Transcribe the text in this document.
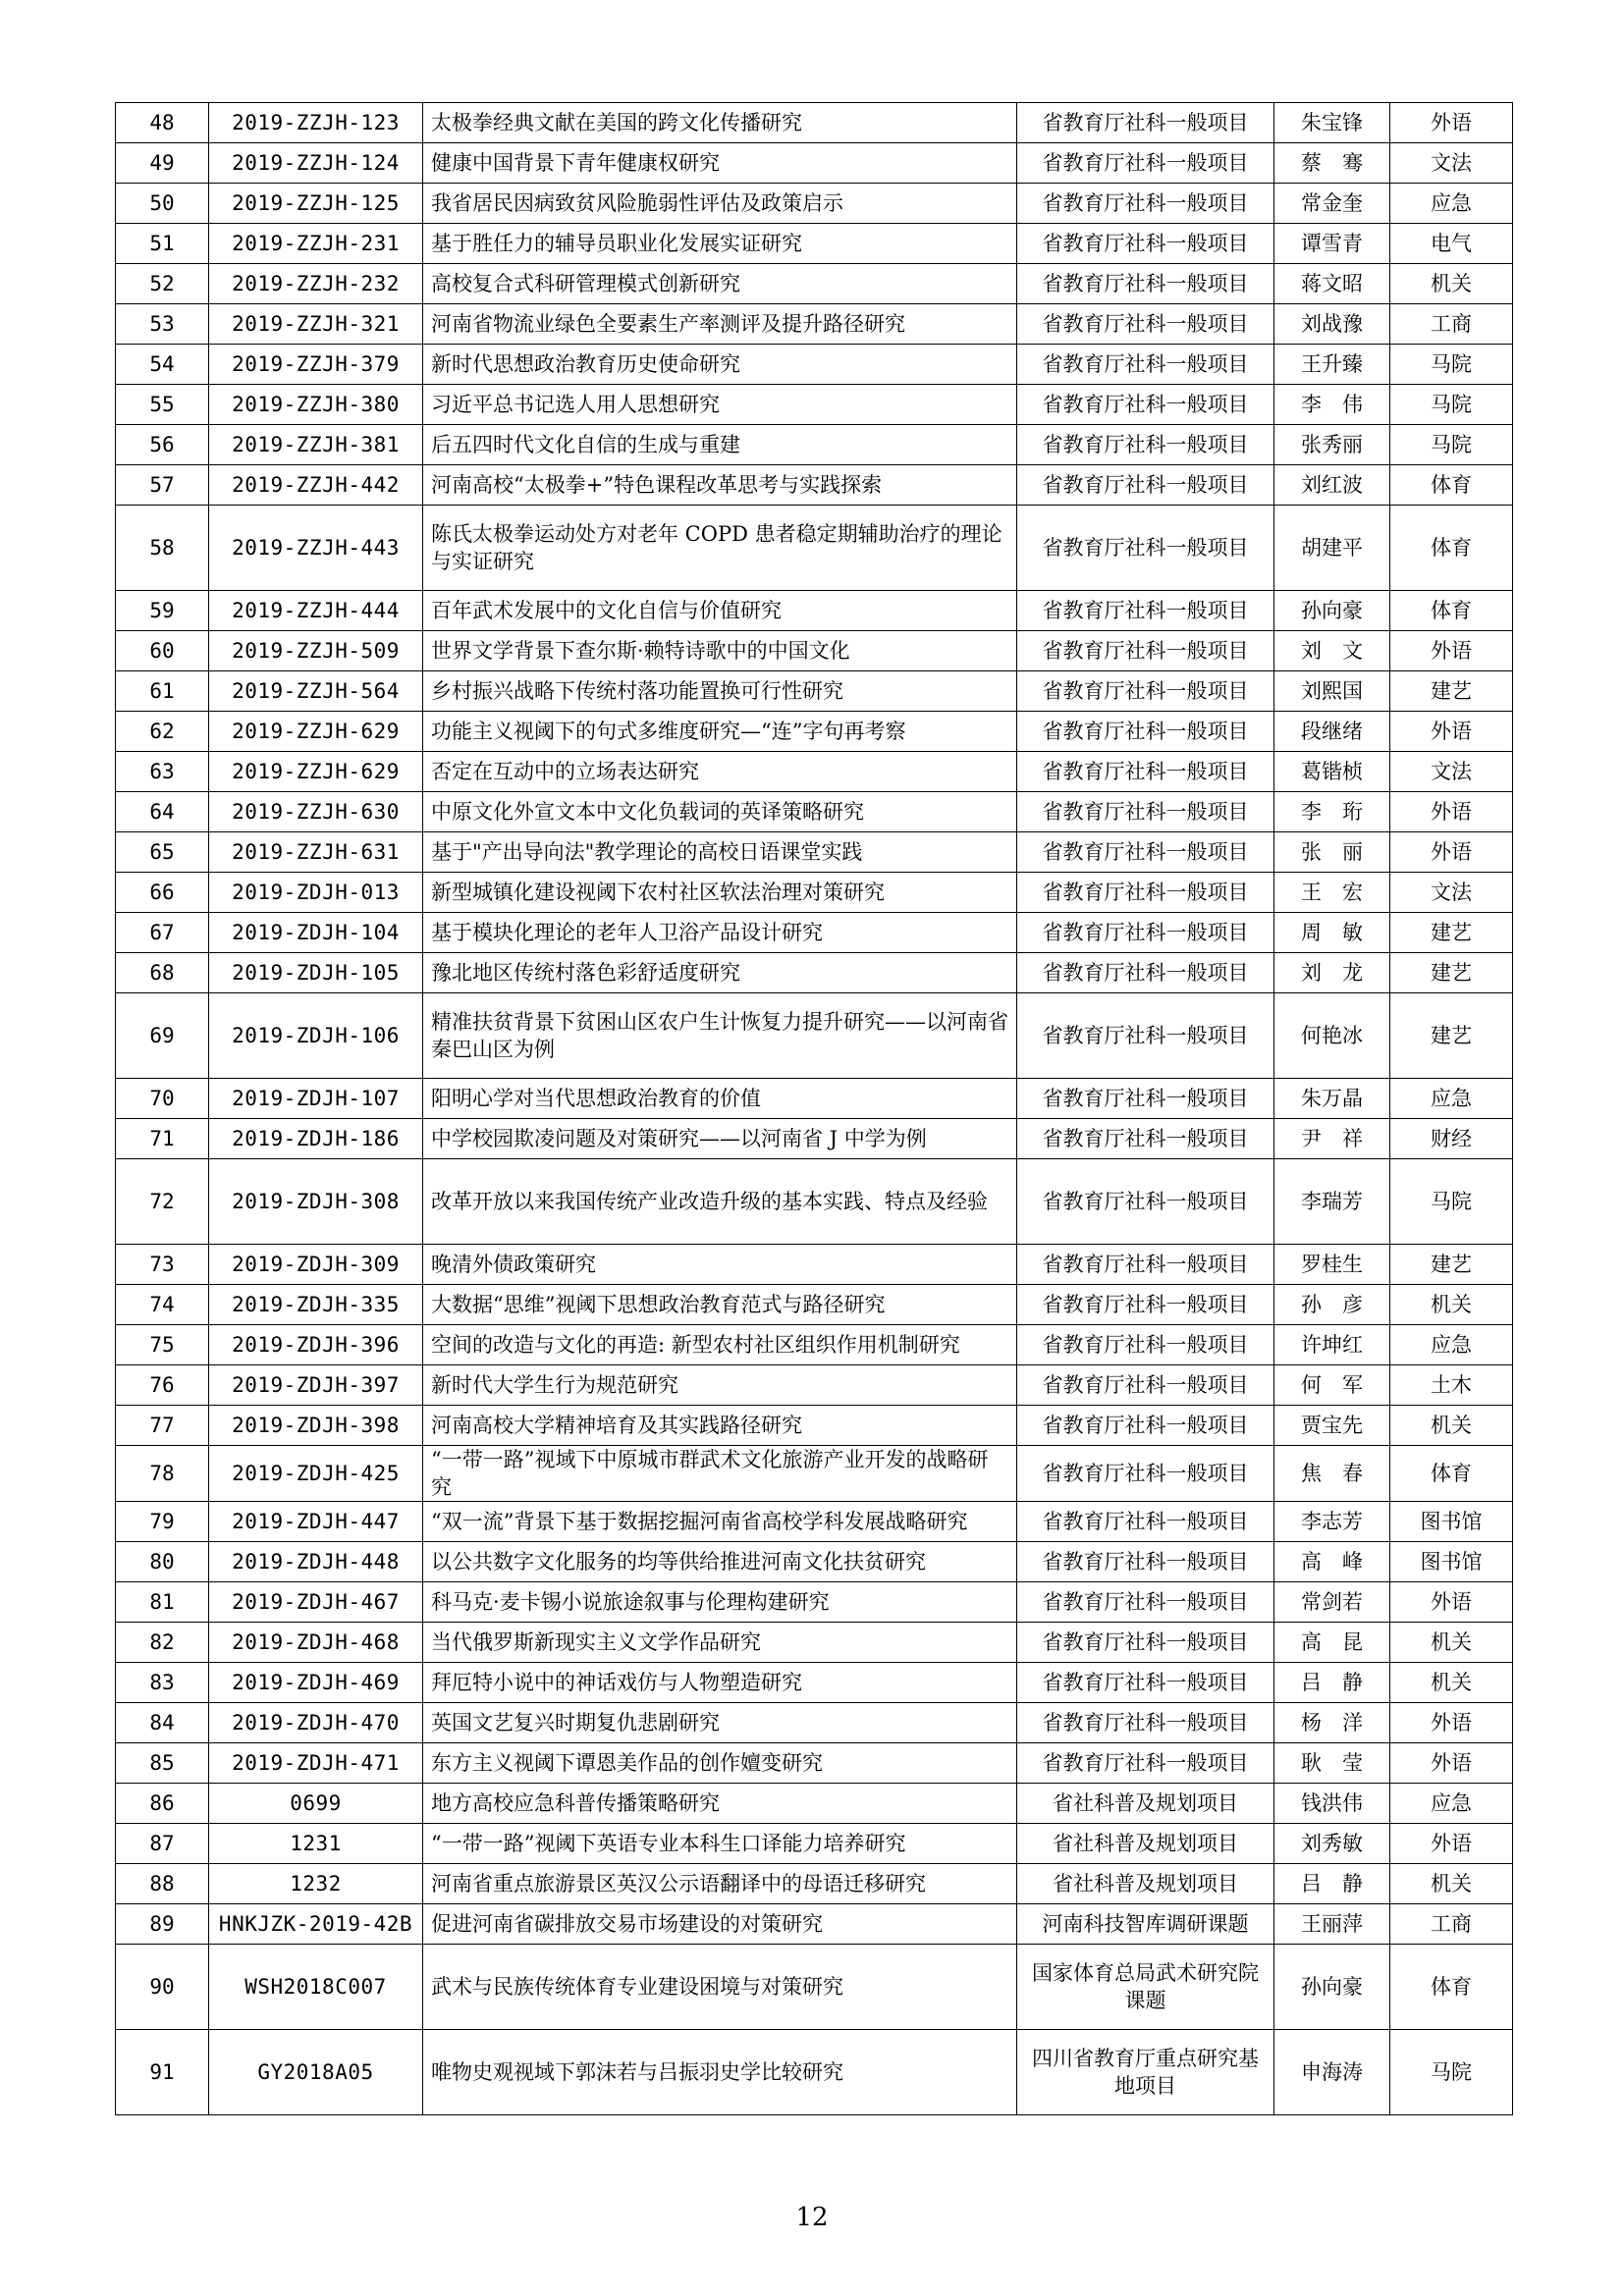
48	2019-ZZJH-123	太极拳经典文献在美国的跨文化传播研究	省教育厅社科一般项目	朱宝锋	外语
49	2019-ZZJH-124	健康中国背景下青年健康权研究	省教育厅社科一般项目	蔡　骞	文法
50	2019-ZZJH-125	我省居民因病致贫风险脆弱性评估及政策启示	省教育厅社科一般项目	常金奎	应急
51	2019-ZZJH-231	基于胜任力的辅导员职业化发展实证研究	省教育厅社科一般项目	谭雪青	电气
52	2019-ZZJH-232	高校复合式科研管理模式创新研究	省教育厅社科一般项目	蒋文昭	机关
53	2019-ZZJH-321	河南省物流业绿色全要素生产率测评及提升路径研究	省教育厅社科一般项目	刘战豫	工商
54	2019-ZZJH-379	新时代思想政治教育历史使命研究	省教育厅社科一般项目	王升臻	马院
55	2019-ZZJH-380	习近平总书记选人用人思想研究	省教育厅社科一般项目	李　伟	马院
56	2019-ZZJH-381	后五四时代文化自信的生成与重建	省教育厅社科一般项目	张秀丽	马院
57	2019-ZZJH-442	河南高校“太极拳+”特色课程改革思考与实践探索	省教育厅社科一般项目	刘红波	体育
58	2019-ZZJH-443	陈氏太极拳运动处方对老年 COPD 患者稳定期辅助治疗的理论与实证研究	省教育厅社科一般项目	胡建平	体育
59	2019-ZZJH-444	百年武术发展中的文化自信与价值研究	省教育厅社科一般项目	孙向豪	体育
60	2019-ZZJH-509	世界文学背景下查尔斯·赖特诗歌中的中国文化	省教育厅社科一般项目	刘　文	外语
61	2019-ZZJH-564	乡村振兴战略下传统村落功能置换可行性研究	省教育厅社科一般项目	刘熙国	建艺
62	2019-ZZJH-629	功能主义视阈下的句式多维度研究—“连”字句再考察	省教育厅社科一般项目	段继绪	外语
63	2019-ZZJH-629	否定在互动中的立场表达研究	省教育厅社科一般项目	葛锴桢	文法
64	2019-ZZJH-630	中原文化外宣文本中文化负载词的英译策略研究	省教育厅社科一般项目	李　珩	外语
65	2019-ZZJH-631	基于"产出导向法"教学理论的高校日语课堂实践	省教育厅社科一般项目	张　丽	外语
66	2019-ZDJH-013	新型城镇化建设视阈下农村社区软法治理对策研究	省教育厅社科一般项目	王　宏	文法
67	2019-ZDJH-104	基于模块化理论的老年人卫浴产品设计研究	省教育厅社科一般项目	周　敏	建艺
68	2019-ZDJH-105	豫北地区传统村落色彩舒适度研究	省教育厅社科一般项目	刘　龙	建艺
69	2019-ZDJH-106	精准扶贫背景下贫困山区农户生计恢复力提升研究——以河南省秦巴山区为例	省教育厅社科一般项目	何艳冰	建艺
70	2019-ZDJH-107	阳明心学对当代思想政治教育的价值	省教育厅社科一般项目	朱万晶	应急
71	2019-ZDJH-186	中学校园欺凌问题及对策研究——以河南省 J 中学为例	省教育厅社科一般项目	尹　祥	财经
72	2019-ZDJH-308	改革开放以来我国传统产业改造升级的基本实践、特点及经验	省教育厅社科一般项目	李瑞芳	马院
73	2019-ZDJH-309	晚清外债政策研究	省教育厅社科一般项目	罗桂生	建艺
74	2019-ZDJH-335	大数据“思维”视阈下思想政治教育范式与路径研究	省教育厅社科一般项目	孙　彦	机关
75	2019-ZDJH-396	空间的改造与文化的再造: 新型农村社区组织作用机制研究	省教育厅社科一般项目	许坤红	应急
76	2019-ZDJH-397	新时代大学生行为规范研究	省教育厅社科一般项目	何　军	土木
77	2019-ZDJH-398	河南高校大学精神培育及其实践路径研究	省教育厅社科一般项目	贾宝先	机关
78	2019-ZDJH-425	“一带一路”视域下中原城市群武术文化旅游产业开发的战略研究	省教育厅社科一般项目	焦　春	体育
79	2019-ZDJH-447	“双一流”背景下基于数据挖掘河南省高校学科发展战略研究	省教育厅社科一般项目	李志芳	图书馆
80	2019-ZDJH-448	以公共数字文化服务的均等供给推进河南文化扶贫研究	省教育厅社科一般项目	高　峰	图书馆
81	2019-ZDJH-467	科马克·麦卡锡小说旅途叙事与伦理构建研究	省教育厅社科一般项目	常剑若	外语
82	2019-ZDJH-468	当代俄罗斯新现实主义文学作品研究	省教育厅社科一般项目	高　昆	机关
83	2019-ZDJH-469	拜厄特小说中的神话戏仿与人物塑造研究	省教育厅社科一般项目	吕　静	机关
84	2019-ZDJH-470	英国文艺复兴时期复仇悲剧研究	省教育厅社科一般项目	杨　洋	外语
85	2019-ZDJH-471	东方主义视阈下谭恩美作品的创作嬗变研究	省教育厅社科一般项目	耿　莹	外语
86	0699	地方高校应急科普传播策略研究	省社科普及规划项目	钱洪伟	应急
87	1231	“一带一路”视阈下英语专业本科生口译能力培养研究	省社科普及规划项目	刘秀敏	外语
88	1232	河南省重点旅游景区英汉公示语翻译中的母语迁移研究	省社科普及规划项目	吕　静	机关
89	HNKJZK-2019-42B	促进河南省碳排放交易市场建设的对策研究	河南科技智库调研课题	王丽萍	工商
90	WSH2018C007	武术与民族传统体育专业建设困境与对策研究	国家体育总局武术研究院课题	孙向豪	体育
91	GY2018A05	唯物史观视域下郭沫若与吕振羽史学比较研究	四川省教育厅重点研究基地项目	申海涛	马院
12
